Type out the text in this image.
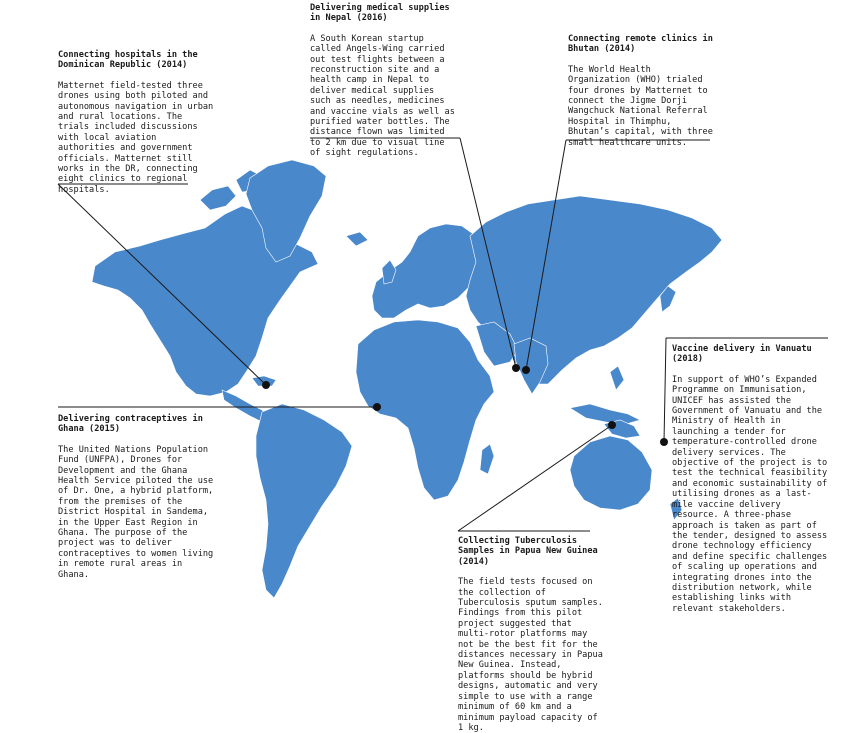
Connecting hospitals in the Dominican Republic (2014)

Matternet field-tested three drones using both piloted and autonomous navigation in urban and rural locations. The trials included discussions with local aviation authorities and government officials. Matternet still works in the DR, connecting eight clinics to regional hospitals.

Delivering medical supplies in Nepal (2016)

A South Korean startup called Angels-Wing carried out test flights between a reconstruction site and a health camp in Nepal to deliver medical supplies such as needles, medicines and vaccine vials as well as purified water bottles. The distance flown was limited to 2 km due to visual line of sight regulations.

Connecting remote clinics in Bhutan (2014)

The World Health Organization (WHO) trialed four drones by Matternet to connect the Jigme Dorji Wangchuck National Referral Hospital in Thimphu, Bhutan’s capital, with three small healthcare units.

Vaccine delivery in Vanuatu (2018)

In support of WHO’s Expanded Programme on Immunisation, UNICEF has assisted the Government of Vanuatu and the Ministry of Health in launching a tender for temperature-controlled drone delivery services. The objective of the project is to test the technical feasibility and economic sustainability of utilising drones as a last-mile vaccine delivery resource. A three-phase approach is taken as part of the tender, designed to assess drone technology efficiency and define specific challenges of scaling up operations and integrating drones into the distribution network, while establishing links with relevant stakeholders.

Delivering contraceptives in Ghana (2015)

The United Nations Population Fund (UNFPA), Drones for Development and the Ghana Health Service piloted the use of Dr. One, a hybrid platform, from the premises of the District Hospital in Sandema, in the Upper East Region in Ghana. The purpose of the project was to deliver contraceptives to women living in remote rural areas in Ghana.

Collecting Tuberculosis Samples in Papua New Guinea (2014)

The field tests focused on the collection of Tuberculosis sputum samples. Findings from this pilot project suggested that multi-rotor platforms may not be the best fit for the distances necessary in Papua New Guinea. Instead, platforms should be hybrid designs, automatic and very simple to use with a range minimum of 60 km and a minimum payload capacity of 1 kg.
